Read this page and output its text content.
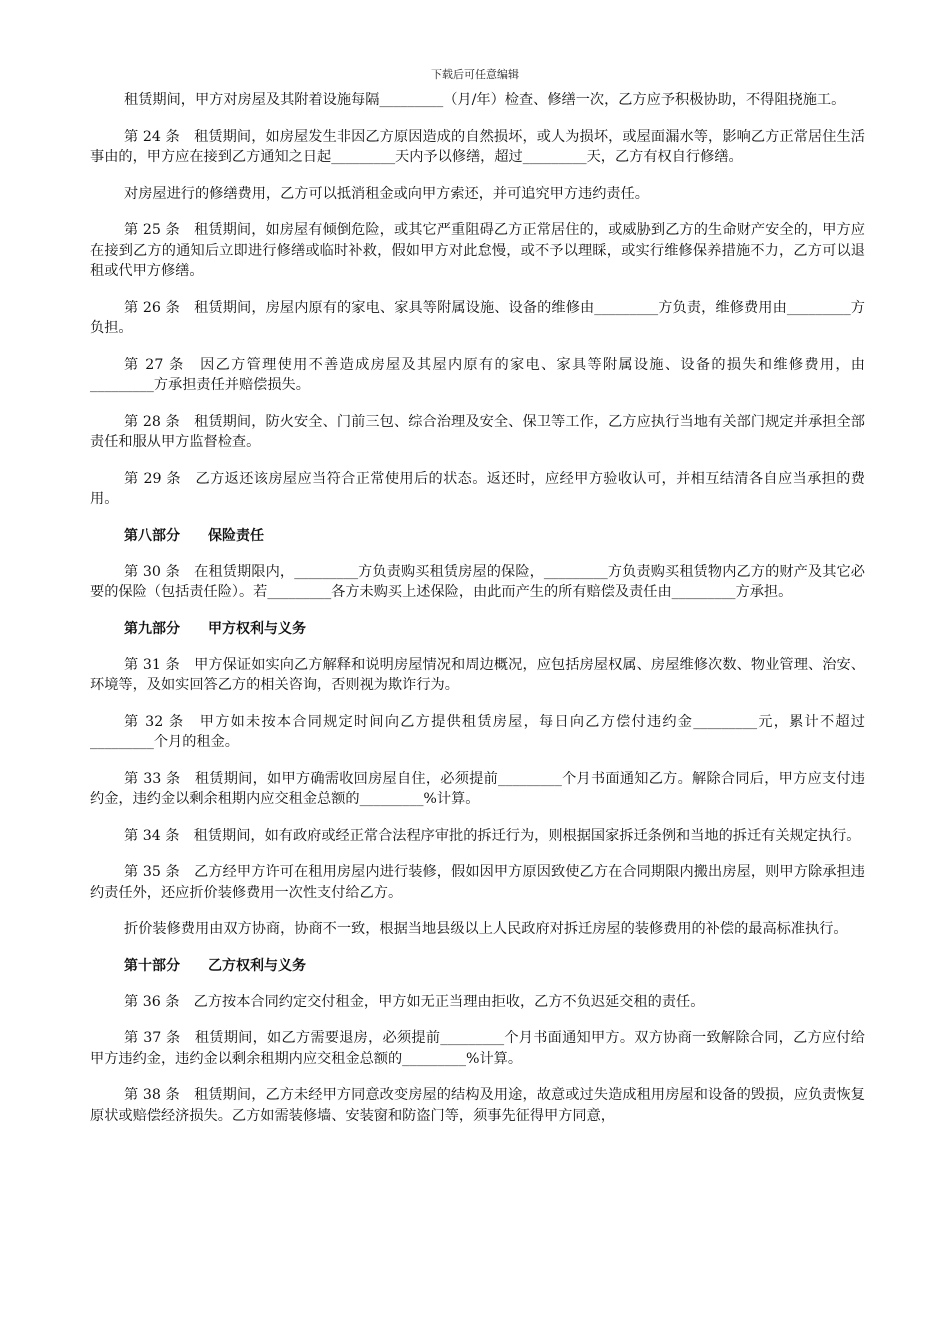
下载后可任意编辑
租赁期间，甲方对房屋及其附着设施每隔_________（月/年）检查、修缮一次，乙方应予积极协助，不得阻挠施工。
第 24 条　租赁期间，如房屋发生非因乙方原因造成的自然损坏，或人为损坏，或屋面漏水等，影响乙方正常居住生活事由的，甲方应在接到乙方通知之日起_________天内予以修缮，超过_________天，乙方有权自行修缮。
对房屋进行的修缮费用，乙方可以抵消租金或向甲方索还，并可追究甲方违约责任。
第 25 条　租赁期间，如房屋有倾倒危险，或其它严重阻碍乙方正常居住的，或威胁到乙方的生命财产安全的，甲方应在接到乙方的通知后立即进行修缮或临时补救，假如甲方对此怠慢，或不予以理睬，或实行维修保养措施不力，乙方可以退租或代甲方修缮。
第 26 条　租赁期间，房屋内原有的家电、家具等附属设施、设备的维修由_________方负责，维修费用由_________方负担。
第 27 条　因乙方管理使用不善造成房屋及其屋内原有的家电、家具等附属设施、设备的损失和维修费用，由_________方承担责任并赔偿损失。
第 28 条　租赁期间，防火安全、门前三包、综合治理及安全、保卫等工作，乙方应执行当地有关部门规定并承担全部责任和服从甲方监督检查。
第 29 条　乙方返还该房屋应当符合正常使用后的状态。返还时，应经甲方验收认可，并相互结清各自应当承担的费用。
第八部分　　保险责任
第 30 条　在租赁期限内，_________方负责购买租赁房屋的保险，_________方负责购买租赁物内乙方的财产及其它必要的保险（包括责任险）。若_________各方未购买上述保险，由此而产生的所有赔偿及责任由_________方承担。
第九部分　　甲方权利与义务
第 31 条　甲方保证如实向乙方解释和说明房屋情况和周边概况，应包括房屋权属、房屋维修次数、物业管理、治安、环境等，及如实回答乙方的相关咨询，否则视为欺诈行为。
第 32 条　甲方如未按本合同规定时间向乙方提供租赁房屋，每日向乙方偿付违约金_________元，累计不超过_________个月的租金。
第 33 条　租赁期间，如甲方确需收回房屋自住，必须提前_________个月书面通知乙方。解除合同后，甲方应支付违约金，违约金以剩余租期内应交租金总额的_________%计算。
第 34 条　租赁期间，如有政府或经正常合法程序审批的拆迁行为，则根据国家拆迁条例和当地的拆迁有关规定执行。
第 35 条　乙方经甲方许可在租用房屋内进行装修，假如因甲方原因致使乙方在合同期限内搬出房屋，则甲方除承担违约责任外，还应折价装修费用一次性支付给乙方。
折价装修费用由双方协商，协商不一致，根据当地县级以上人民政府对拆迁房屋的装修费用的补偿的最高标准执行。
第十部分　　乙方权利与义务
第 36 条　乙方按本合同约定交付租金，甲方如无正当理由拒收，乙方不负迟延交租的责任。
第 37 条　租赁期间，如乙方需要退房，必须提前_________个月书面通知甲方。双方协商一致解除合同，乙方应付给甲方违约金，违约金以剩余租期内应交租金总额的_________%计算。
第 38 条　租赁期间，乙方未经甲方同意改变房屋的结构及用途，故意或过失造成租用房屋和设备的毁损，应负责恢复原状或赔偿经济损失。乙方如需装修墙、安装窗和防盗门等，须事先征得甲方同意，
